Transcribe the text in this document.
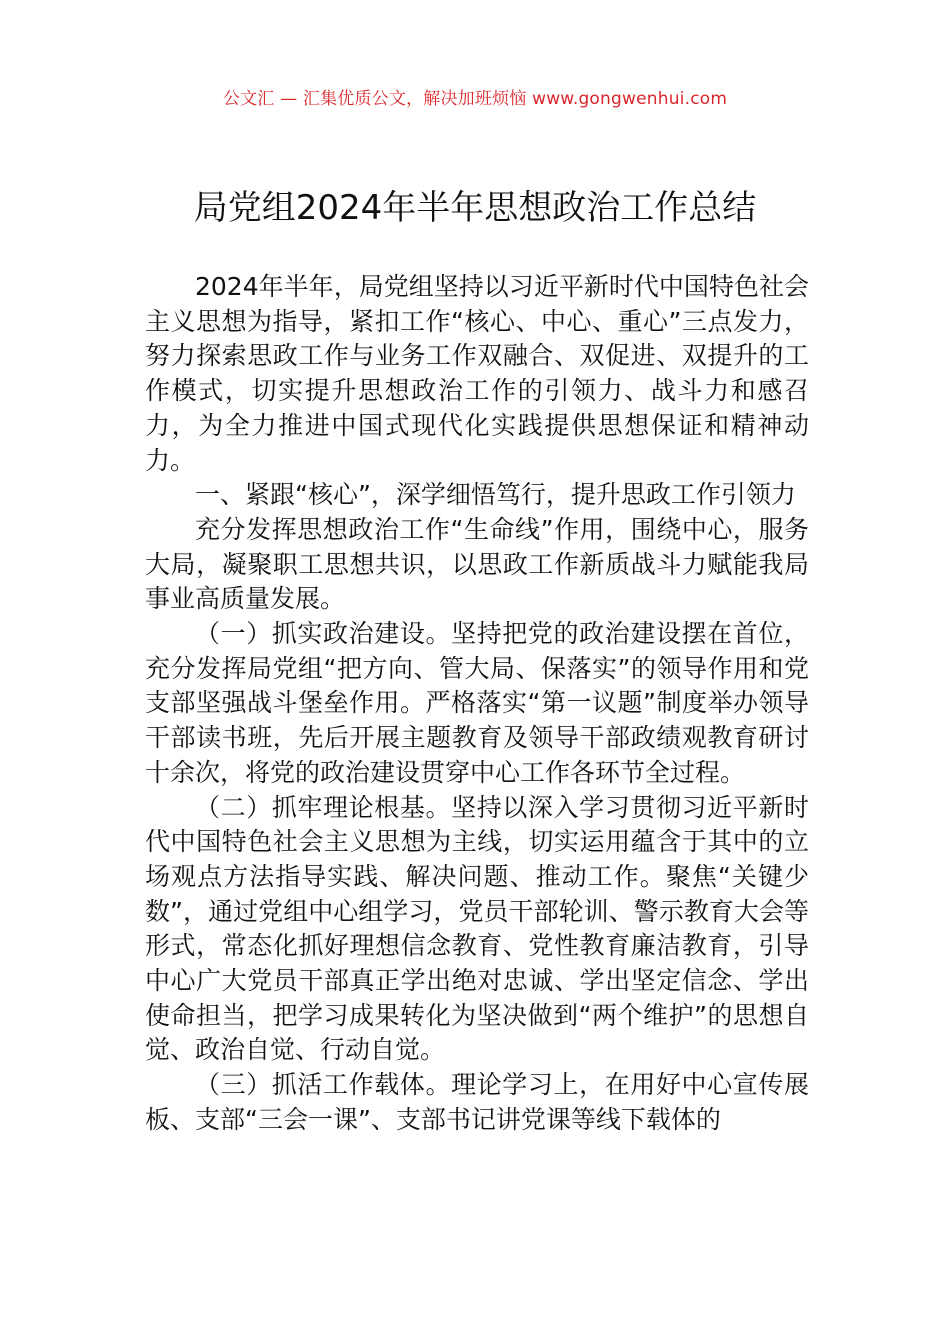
公文汇 — 汇集优质公文，解决加班烦恼 www.gongwenhui.com
局党组2024年半年思想政治工作总结

2024年半年，局党组坚持以习近平新时代中国特色社会主义思想为指导，紧扣工作“核心、中心、重心”三点发力，努力探索思政工作与业务工作双融合、双促进、双提升的工作模式，切实提升思想政治工作的引领力、战斗力和感召力，为全力推进中国式现代化实践提供思想保证和精神动力。

一、紧跟“核心”，深学细悟笃行，提升思政工作引领力

充分发挥思想政治工作“生命线”作用，围绕中心，服务大局，凝聚职工思想共识，以思政工作新质战斗力赋能我局事业高质量发展。

（一）抓实政治建设。坚持把党的政治建设摆在首位，充分发挥局党组“把方向、管大局、保落实”的领导作用和党支部坚强战斗堡垒作用。严格落实“第一议题”制度举办领导干部读书班，先后开展主题教育及领导干部政绩观教育研讨十余次，将党的政治建设贯穿中心工作各环节全过程。

（二）抓牢理论根基。坚持以深入学习贯彻习近平新时代中国特色社会主义思想为主线，切实运用蕴含于其中的立场观点方法指导实践、解决问题、推动工作。聚焦“关键少数”，通过党组中心组学习，党员干部轮训、警示教育大会等形式，常态化抓好理想信念教育、党性教育廉洁教育，引导中心广大党员干部真正学出绝对忠诚、学出坚定信念、学出使命担当，把学习成果转化为坚决做到“两个维护”的思想自觉、政治自觉、行动自觉。

（三）抓活工作载体。理论学习上，在用好中心宣传展板、支部“三会一课”、支部书记讲党课等线下载体的
